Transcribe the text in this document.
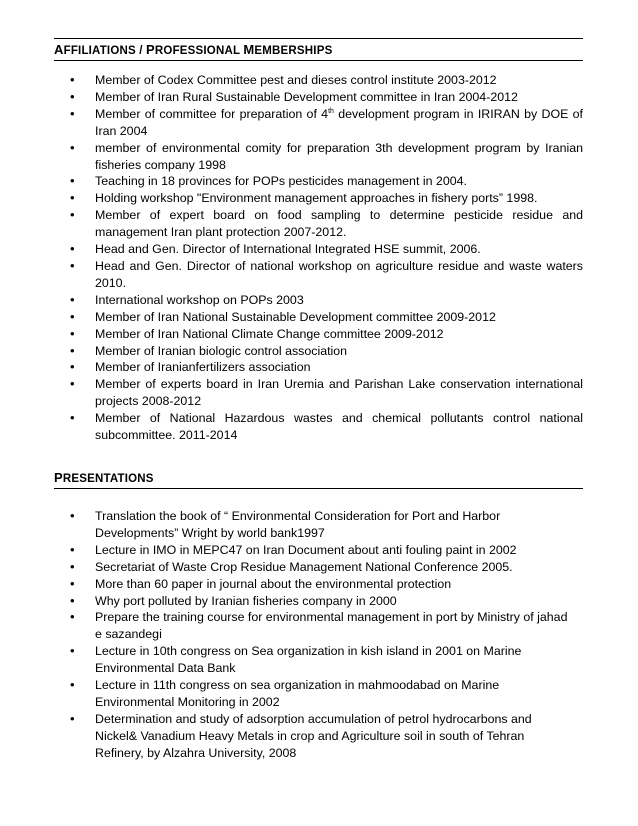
AFFILIATIONS / PROFESSIONAL MEMBERSHIPS
• Member of Codex Committee pest and dieses control institute 2003-2012
• Member of Iran Rural Sustainable Development committee in Iran 2004-2012
• Member of committee for preparation of 4th development program in IRIRAN by DOE of Iran 2004
• member of environmental comity for preparation 3th development program by Iranian fisheries company 1998
• Teaching in 18 provinces for POPs pesticides management in 2004.
• Holding workshop "Environment management approaches in fishery ports” 1998.
• Member of expert board on food sampling to determine pesticide residue and management Iran plant protection 2007-2012.
• Head and Gen. Director of International Integrated HSE summit, 2006.
• Head and Gen. Director of national workshop on agriculture residue and waste waters 2010.
• International workshop on POPs 2003
• Member of Iran National Sustainable Development committee 2009-2012
• Member of Iran National Climate Change committee 2009-2012
• Member of Iranian biologic control association
• Member of Iranianfertilizers association
• Member of experts board in Iran Uremia and Parishan Lake conservation international projects 2008-2012
• Member of National Hazardous wastes and chemical pollutants control national subcommittee. 2011-2014
PRESENTATIONS
• Translation the book of “ Environmental Consideration for Port and Harbor Developments” Wright by world bank1997
• Lecture in IMO in MEPC47 on Iran Document about anti fouling paint in 2002
• Secretariat of Waste Crop Residue Management National Conference 2005.
• More than 60 paper in journal about the environmental protection
• Why port polluted by Iranian fisheries company in 2000
• Prepare the training course for environmental management in port by Ministry of jahad e sazandegi
• Lecture in 10th congress on Sea organization in kish island in 2001 on Marine Environmental Data Bank
• Lecture in 11th congress on sea organization in mahmoodabad on Marine Environmental Monitoring in 2002
• Determination and study of adsorption accumulation of petrol hydrocarbons and Nickel& Vanadium Heavy Metals in crop and Agriculture soil in south of Tehran Refinery, by Alzahra University, 2008
